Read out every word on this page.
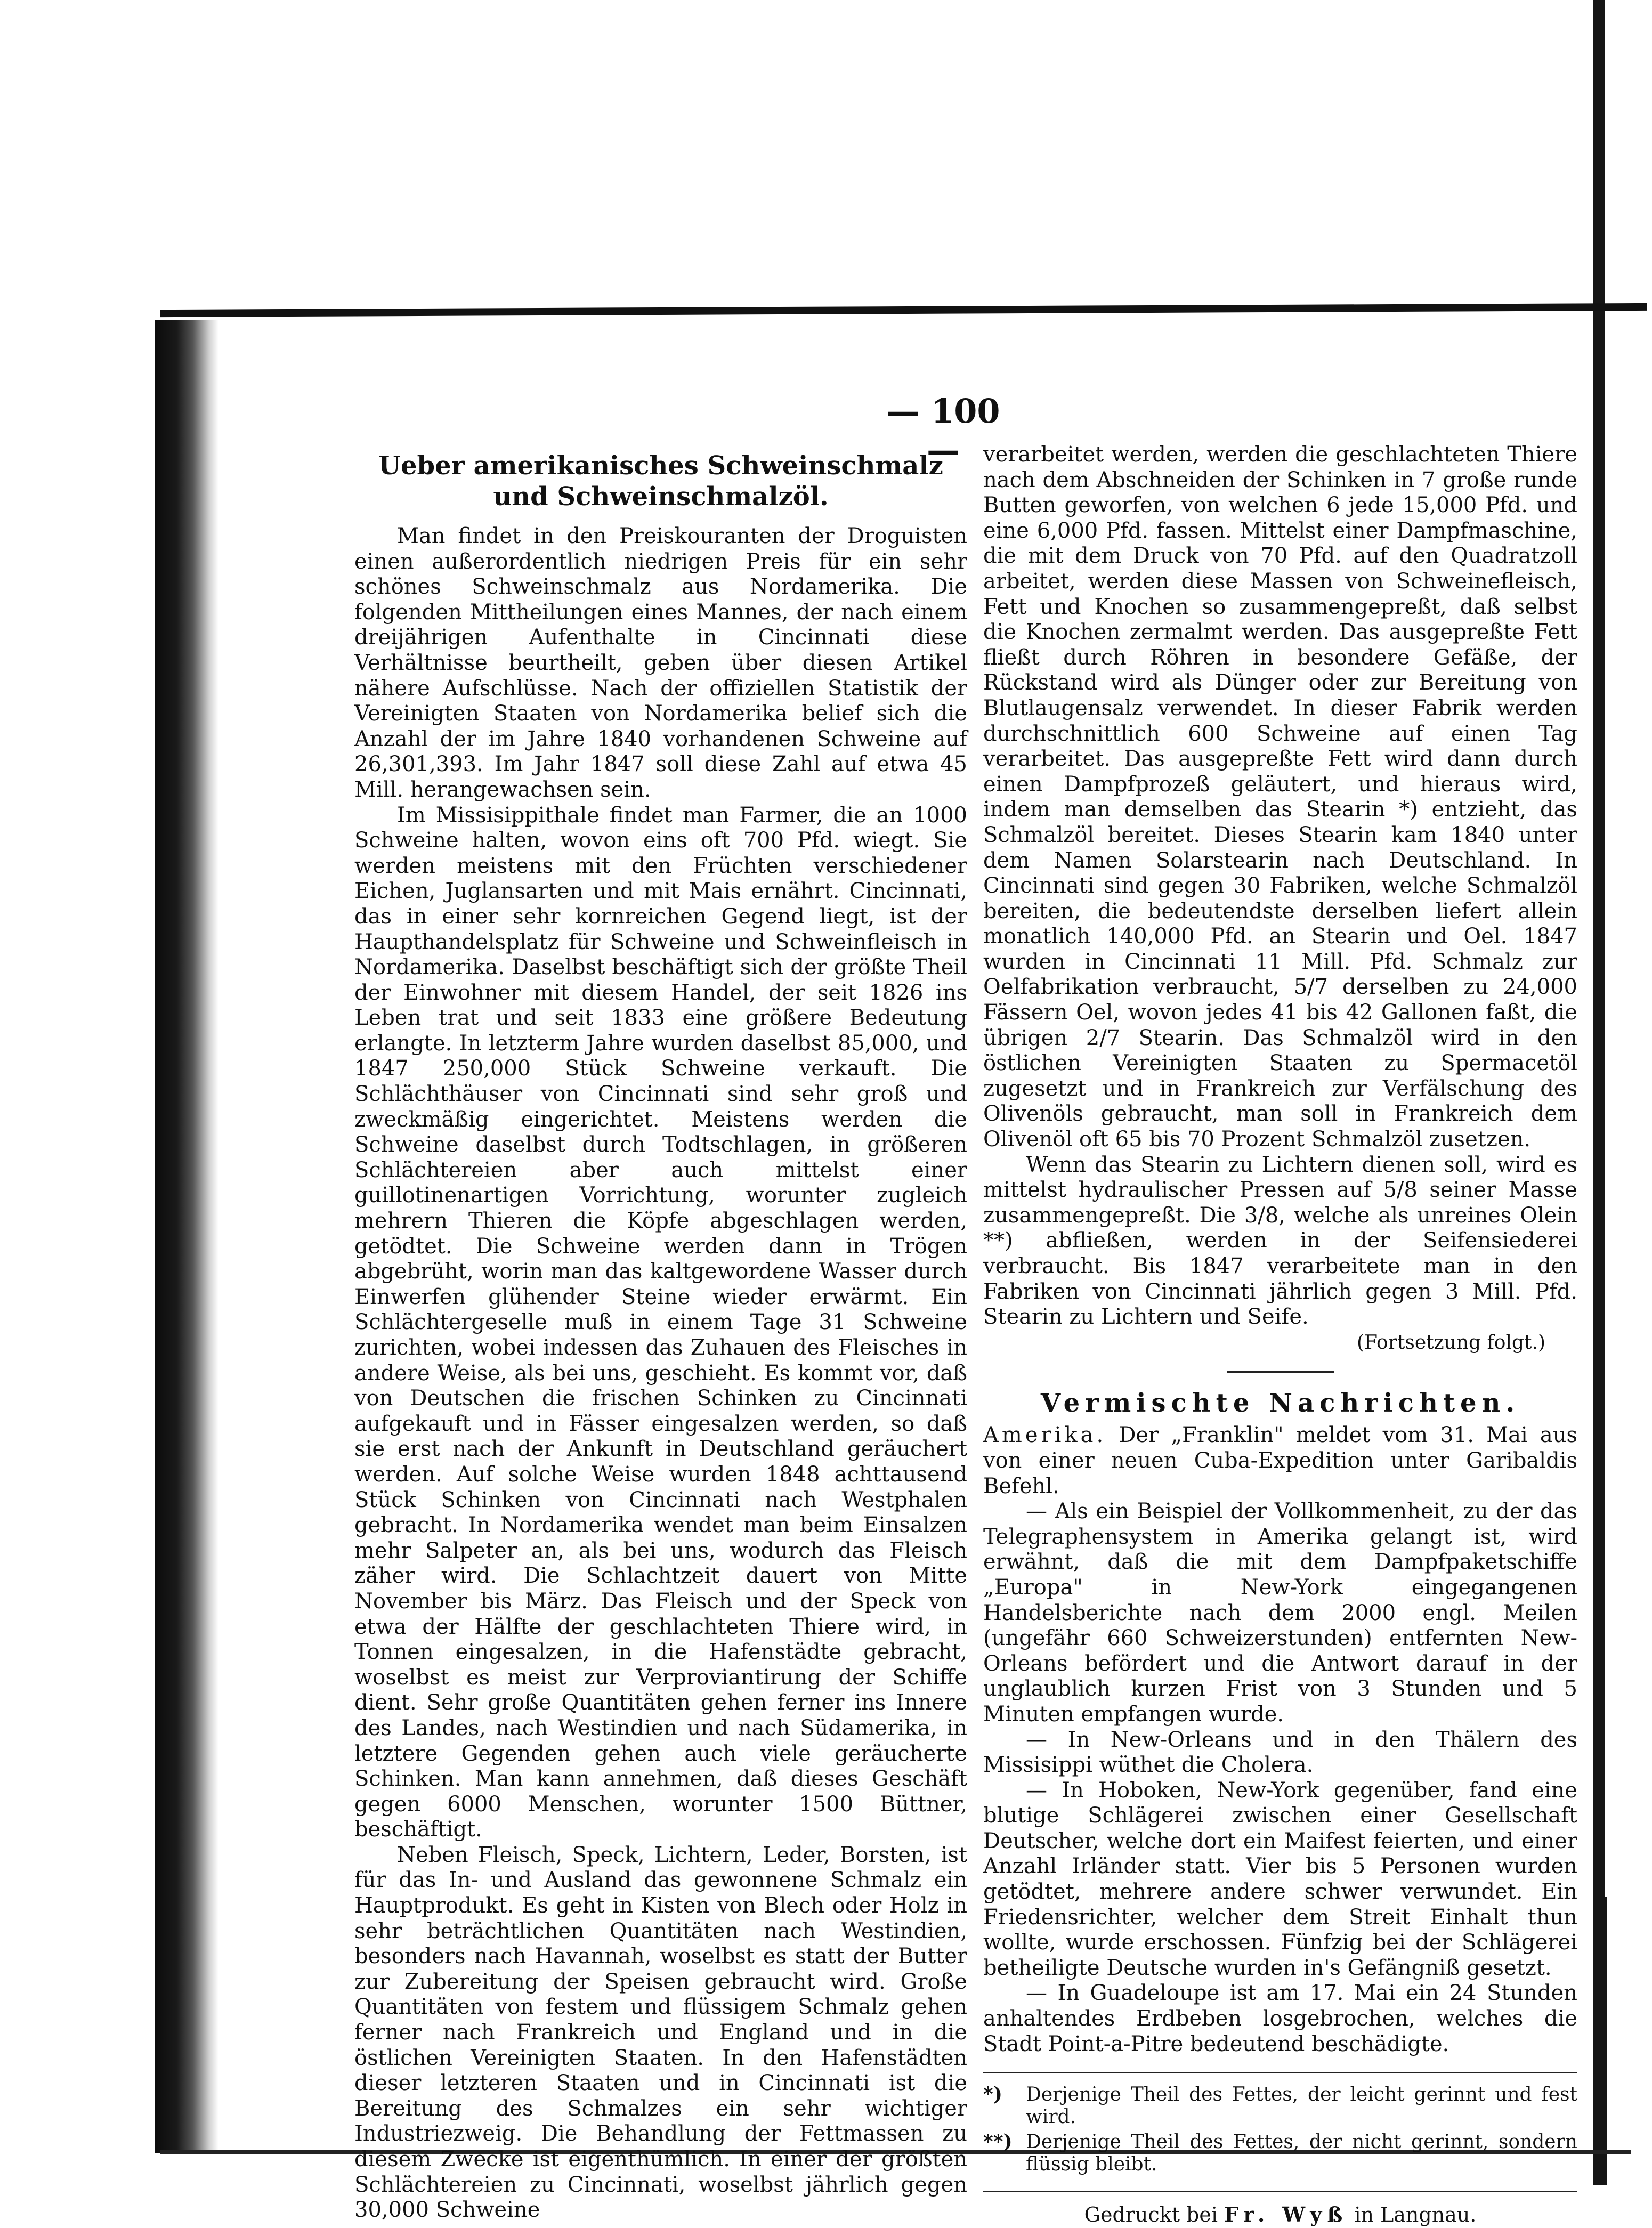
— 100 —
Ueber amerikanisches Schweinschmalz und Schweinschmalzöl.

Man findet in den Preiskouranten der Droguisten einen außerordentlich niedrigen Preis für ein sehr schönes Schweinschmalz aus Nordamerika. Die folgenden Mittheilungen eines Mannes, der nach einem dreijährigen Aufenthalte in Cincinnati diese Verhältnisse beurtheilt, geben über diesen Artikel nähere Aufschlüsse. Nach der offiziellen Statistik der Vereinigten Staaten von Nordamerika belief sich die Anzahl der im Jahre 1840 vorhandenen Schweine auf 26,301,393. Im Jahr 1847 soll diese Zahl auf etwa 45 Mill. herangewachsen sein.

Im Missisippithale findet man Farmer, die an 1000 Schweine halten, wovon eins oft 700 Pfd. wiegt. Sie werden meistens mit den Früchten verschiedener Eichen, Juglansarten und mit Mais ernährt. Cincinnati, das in einer sehr kornreichen Gegend liegt, ist der Haupthandelsplatz für Schweine und Schweinfleisch in Nordamerika. Daselbst beschäftigt sich der größte Theil der Einwohner mit diesem Handel, der seit 1826 ins Leben trat und seit 1833 eine größere Bedeutung erlangte. In letzterm Jahre wurden daselbst 85,000, und 1847 250,000 Stück Schweine verkauft. Die Schlächthäuser von Cincinnati sind sehr groß und zweckmäßig eingerichtet. Meistens werden die Schweine daselbst durch Todtschlagen, in größeren Schlächtereien aber auch mittelst einer guillotinenartigen Vorrichtung, worunter zugleich mehrern Thieren die Köpfe abgeschlagen werden, getödtet. Die Schweine werden dann in Trögen abgebrüht, worin man das kaltgewordene Wasser durch Einwerfen glühender Steine wieder erwärmt. Ein Schlächtergeselle muß in einem Tage 31 Schweine zurichten, wobei indessen das Zuhauen des Fleisches in andere Weise, als bei uns, geschieht. Es kommt vor, daß von Deutschen die frischen Schinken zu Cincinnati aufgekauft und in Fässer eingesalzen werden, so daß sie erst nach der Ankunft in Deutschland geräuchert werden. Auf solche Weise wurden 1848 achttausend Stück Schinken von Cincinnati nach Westphalen gebracht. In Nordamerika wendet man beim Einsalzen mehr Salpeter an, als bei uns, wodurch das Fleisch zäher wird. Die Schlachtzeit dauert von Mitte November bis März. Das Fleisch und der Speck von etwa der Hälfte der geschlachteten Thiere wird, in Tonnen eingesalzen, in die Hafenstädte gebracht, woselbst es meist zur Verproviantirung der Schiffe dient. Sehr große Quantitäten gehen ferner ins Innere des Landes, nach Westindien und nach Südamerika, in letztere Gegenden gehen auch viele geräucherte Schinken. Man kann annehmen, daß dieses Geschäft gegen 6000 Menschen, worunter 1500 Büttner, beschäftigt.

Neben Fleisch, Speck, Lichtern, Leder, Borsten, ist für das In- und Ausland das gewonnene Schmalz ein Hauptprodukt. Es geht in Kisten von Blech oder Holz in sehr beträchtlichen Quantitäten nach Westindien, besonders nach Havannah, woselbst es statt der Butter zur Zubereitung der Speisen gebraucht wird. Große Quantitäten von festem und flüssigem Schmalz gehen ferner nach Frankreich und England und in die östlichen Vereinigten Staaten. In den Hafenstädten dieser letzteren Staaten und in Cincinnati ist die Bereitung des Schmalzes ein sehr wichtiger Industriezweig. Die Behandlung der Fettmassen zu diesem Zwecke ist eigenthümlich. In einer der größten Schlächtereien zu Cincinnati, woselbst jährlich gegen 30,000 Schweine

verarbeitet werden, werden die geschlachteten Thiere nach dem Abschneiden der Schinken in 7 große runde Butten geworfen, von welchen 6 jede 15,000 Pfd. und eine 6,000 Pfd. fassen. Mittelst einer Dampfmaschine, die mit dem Druck von 70 Pfd. auf den Quadratzoll arbeitet, werden diese Massen von Schweinefleisch, Fett und Knochen so zusammengepreßt, daß selbst die Knochen zermalmt werden. Das ausgepreßte Fett fließt durch Röhren in besondere Gefäße, der Rückstand wird als Dünger oder zur Bereitung von Blutlaugensalz verwendet. In dieser Fabrik werden durchschnittlich 600 Schweine auf einen Tag verarbeitet. Das ausgepreßte Fett wird dann durch einen Dampfprozeß geläutert, und hieraus wird, indem man demselben das Stearin *) entzieht, das Schmalzöl bereitet. Dieses Stearin kam 1840 unter dem Namen Solarstearin nach Deutschland. In Cincinnati sind gegen 30 Fabriken, welche Schmalzöl bereiten, die bedeutendste derselben liefert allein monatlich 140,000 Pfd. an Stearin und Oel. 1847 wurden in Cincinnati 11 Mill. Pfd. Schmalz zur Oelfabrikation verbraucht, 5/7 derselben zu 24,000 Fässern Oel, wovon jedes 41 bis 42 Gallonen faßt, die übrigen 2/7 Stearin. Das Schmalzöl wird in den östlichen Vereinigten Staaten zu Spermacetöl zugesetzt und in Frankreich zur Verfälschung des Olivenöls gebraucht, man soll in Frankreich dem Olivenöl oft 65 bis 70 Prozent Schmalzöl zusetzen.

Wenn das Stearin zu Lichtern dienen soll, wird es mittelst hydraulischer Pressen auf 5/8 seiner Masse zusammengepreßt. Die 3/8, welche als unreines Olein **) abfließen, werden in der Seifensiederei verbraucht. Bis 1847 verarbeitete man in den Fabriken von Cincinnati jährlich gegen 3 Mill. Pfd. Stearin zu Lichtern und Seife.

(Fortsetzung folgt.)
Vermischte Nachrichten.

Amerika. Der „Franklin" meldet vom 31. Mai aus von einer neuen Cuba-Expedition unter Garibaldis Befehl.

— Als ein Beispiel der Vollkommenheit, zu der das Telegraphensystem in Amerika gelangt ist, wird erwähnt, daß die mit dem Dampfpaketschiffe „Europa" in New-York eingegangenen Handelsberichte nach dem 2000 engl. Meilen (ungefähr 660 Schweizerstunden) entfernten New-Orleans befördert und die Antwort darauf in der unglaublich kurzen Frist von 3 Stunden und 5 Minuten empfangen wurde.

— In New-Orleans und in den Thälern des Missisippi wüthet die Cholera.

— In Hoboken, New-York gegenüber, fand eine blutige Schlägerei zwischen einer Gesellschaft Deutscher, welche dort ein Maifest feierten, und einer Anzahl Irländer statt. Vier bis 5 Personen wurden getödtet, mehrere andere schwer verwundet. Ein Friedensrichter, welcher dem Streit Einhalt thun wollte, wurde erschossen. Fünfzig bei der Schlägerei betheiligte Deutsche wurden in's Gefängniß gesetzt.

— In Guadeloupe ist am 17. Mai ein 24 Stunden anhaltendes Erdbeben losgebrochen, welches die Stadt Point-a-Pitre bedeutend beschädigte.

*) Derjenige Theil des Fettes, der leicht gerinnt und fest wird.
**) Derjenige Theil des Fettes, der nicht gerinnt, sondern flüssig bleibt.
Gedruckt bei Fr. Wyß in Langnau.
